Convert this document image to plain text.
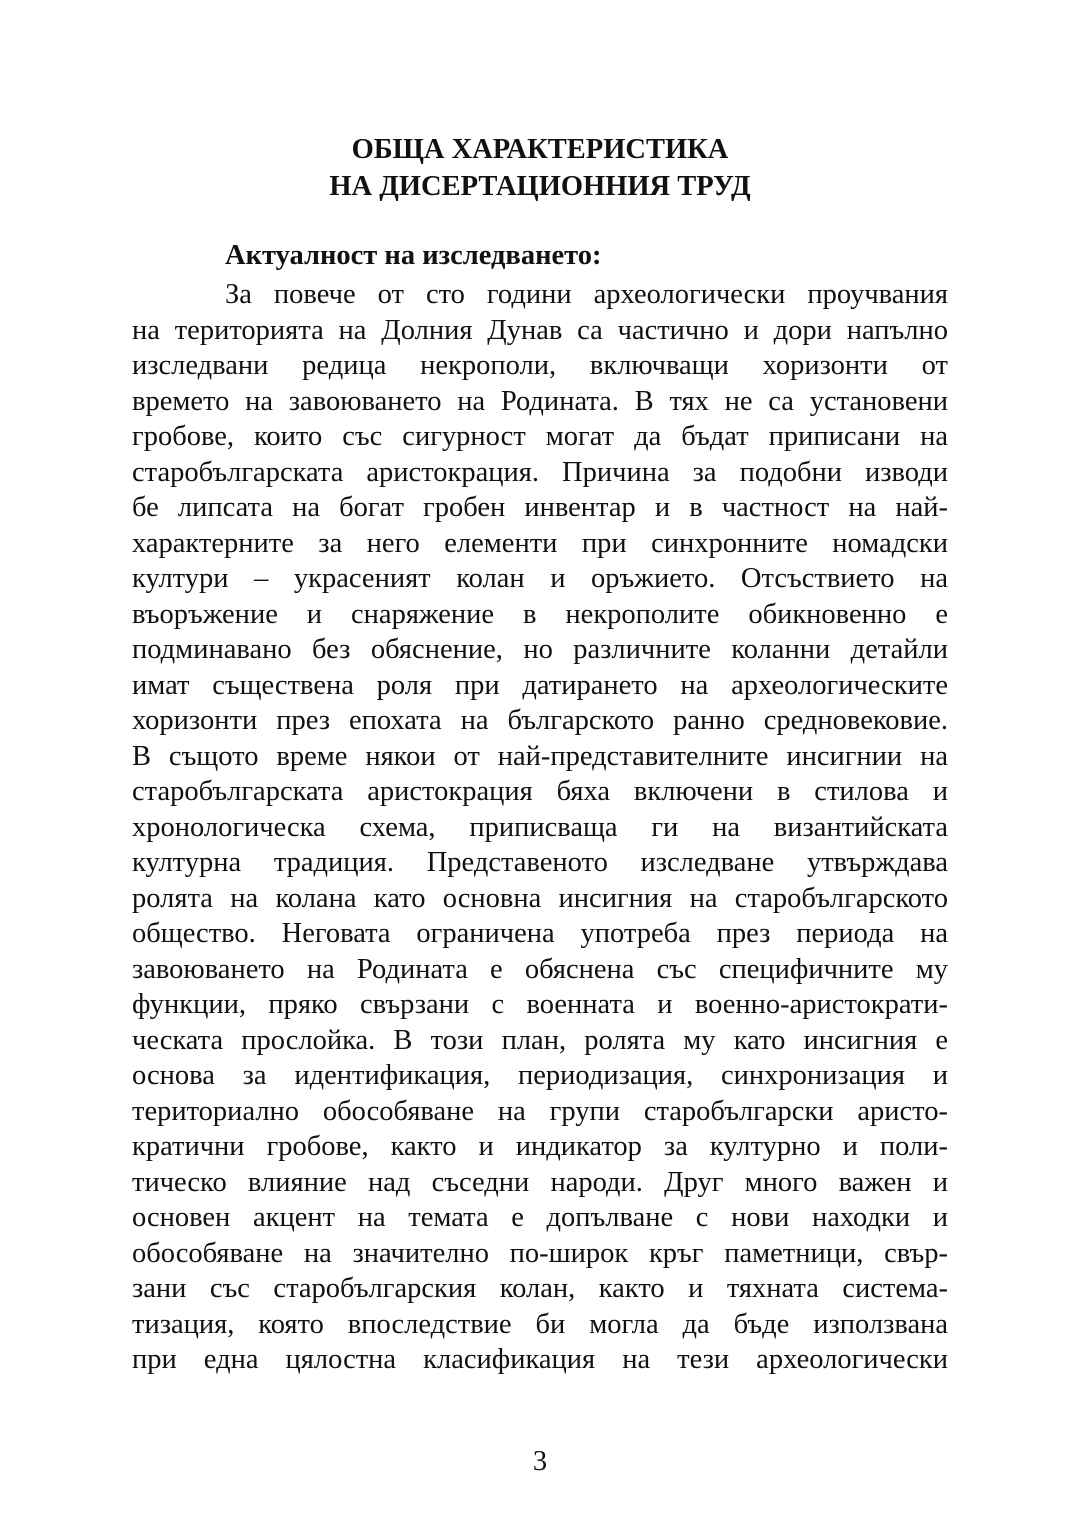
ОБЩА ХАРАКТЕРИСТИКА
НА ДИСЕРТАЦИОННИЯ ТРУД
Актуалност на изследването:
За повече от сто години археологически проучвания
на територията на Долния Дунав са частично и дори напълно
изследвани редица некрополи, включващи хоризонти от
времето на завоюването на Родината. В тях не са установени
гробове, които със сигурност могат да бъдат приписани на
старобългарската аристокрация. Причина за подобни изводи
бе липсата на богат гробен инвентар и в частност на най-
характерните за него елементи при синхронните номадски
култури – украсеният колан и оръжието. Отсъствието на
въоръжение и снаряжение в некрополите обикновенно е
подминавано без обяснение, но различните коланни детайли
имат съществена роля при датирането на археологическите
хоризонти през епохата на българското ранно средновековие.
В същото време някои от най-представителните инсигнии на
старобългарската аристокрация бяха включени в стилова и
хронологическа схема, приписваща ги на византийската
културна традиция. Представеното изследване утвърждава
ролята на колана като основна инсигния на старобългарското
общество. Неговата ограничена употреба през периода на
завоюването на Родината е обяснена със специфичните му
функции, пряко свързани с военната и военно-аристократи-
ческата прослойка. В този план, ролята му като инсигния е
основа за идентификация, периодизация, синхронизация и
териториално обособяване на групи старобългарски аристо-
кратични гробове, както и индикатор за културно и поли-
тическо влияние над съседни народи. Друг много важен и
основен акцент на темата е допълване с нови находки и
обособяване на значително по-широк кръг паметници, свър-
зани със старобългарския колан, както и тяхната система-
тизация, която впоследствие би могла да бъде използвана
при една цялостна класификация на тези археологически
3
